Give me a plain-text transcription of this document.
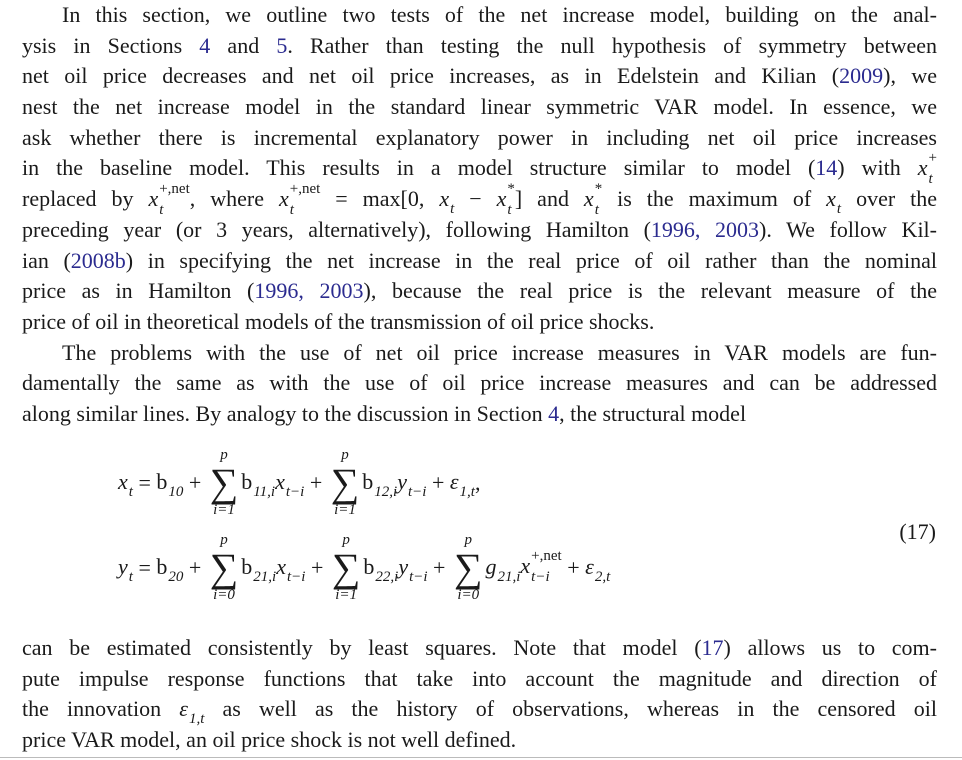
In this section, we outline two tests of the net increase model, building on the anal-
ysis in Sections 4 and 5. Rather than testing the null hypothesis of symmetry between
net oil price decreases and net oil price increases, as in Edelstein and Kilian (2009), we
nest the net increase model in the standard linear symmetric VAR model. In essence, we
ask whether there is incremental explanatory power in including net oil price increases
in the baseline model. This results in a model structure similar to model (14) with x +
t
replaced by x +,net
t	, where x +,net
t	= max[0, x t − x *
t ] and x *
t is the maximum of x t over the
preceding year (or 3 years, alternatively), following Hamilton (1996, 2003). We follow Kil-
ian (2008b) in specifying the net increase in the real price of oil rather than the nominal
price as in Hamilton (1996, 2003), because the real price is the relevant measure of the
price of oil in theoretical models of the transmission of oil price shocks.
The problems with the use of net oil price increase measures in VAR models are fun-
damentally the same as with the use of oil price increase measures and can be addressed
along similar lines. By analogy to the discussion in Section 4, the structural model
x t = b 10 +
p
∑
i=1
b 11,i x t−i +
p
∑
i=1
b 12,i y t−i + ε 1,t ,
y t = b 20 +
p
∑
i=0
b 21,i x t−i +
p
∑
i=1
b 22,i y t−i +
p
∑
i=0
g 21,i x +,net
t−i + ε 2,t
(17)
can be estimated consistently by least squares. Note that model (17) allows us to com-
pute impulse response functions that take into account the magnitude and direction of
the innovation ε 1,t as well as the history of observations, whereas in the censored oil
price VAR model, an oil price shock is not well defined.
